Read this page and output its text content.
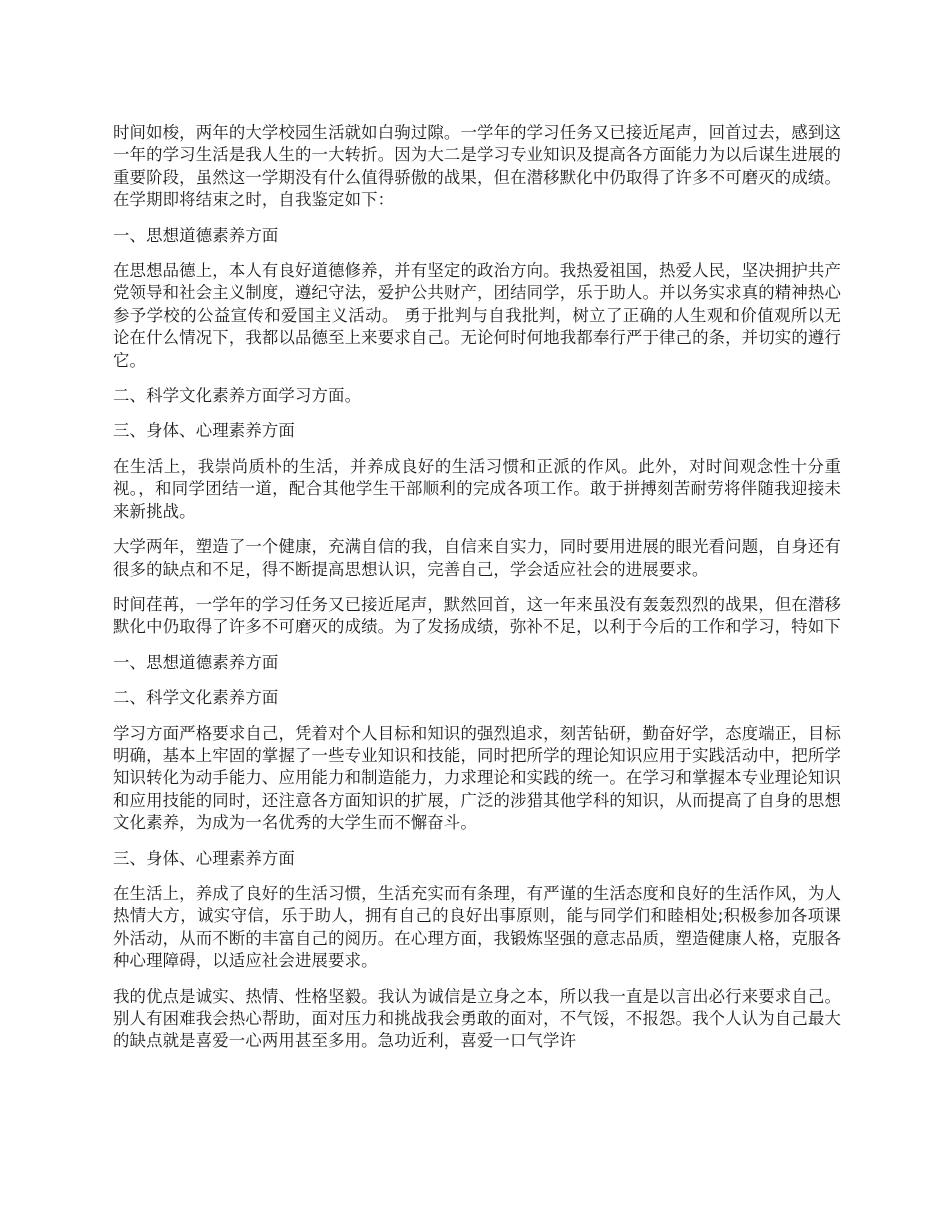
时间如梭，两年的大学校园生活就如白驹过隙。一学年的学习任务又已接近尾声，回首过去，感到这一年的学习生活是我人生的一大转折。因为大二是学习专业知识及提高各方面能力为以后谋生进展的重要阶段，虽然这一学期没有什么值得骄傲的战果，但在潜移默化中仍取得了许多不可磨灭的成绩。在学期即将结束之时，自我鉴定如下：

一、思想道德素养方面

在思想品德上，本人有良好道德修养，并有坚定的政治方向。我热爱祖国，热爱人民，坚决拥护共产党领导和社会主义制度，遵纪守法，爱护公共财产，团结同学，乐于助人。并以务实求真的精神热心参予学校的公益宣传和爱国主义活动。 勇于批判与自我批判，树立了正确的人生观和价值观所以无论在什么情况下，我都以品德至上来要求自己。无论何时何地我都奉行严于律己的条，并切实的遵行它。

二、科学文化素养方面学习方面。

三、身体、心理素养方面

在生活上，我崇尚质朴的生活，并养成良好的生活习惯和正派的作风。此外，对时间观念性十分重视。，和同学团结一道，配合其他学生干部顺利的完成各项工作。敢于拼搏刻苦耐劳将伴随我迎接未来新挑战。

大学两年，塑造了一个健康，充满自信的我，自信来自实力，同时要用进展的眼光看问题，自身还有很多的缺点和不足，得不断提高思想认识，完善自己，学会适应社会的进展要求。

时间荏苒，一学年的学习任务又已接近尾声，默然回首，这一年来虽没有轰轰烈烈的战果，但在潜移默化中仍取得了许多不可磨灭的成绩。为了发扬成绩，弥补不足，以利于今后的工作和学习，特如下

一、思想道德素养方面

二、科学文化素养方面

学习方面严格要求自己，凭着对个人目标和知识的强烈追求，刻苦钻研，勤奋好学，态度端正，目标明确，基本上牢固的掌握了一些专业知识和技能，同时把所学的理论知识应用于实践活动中，把所学知识转化为动手能力、应用能力和制造能力，力求理论和实践的统一。在学习和掌握本专业理论知识和应用技能的同时，还注意各方面知识的扩展，广泛的涉猎其他学科的知识，从而提高了自身的思想文化素养，为成为一名优秀的大学生而不懈奋斗。

三、身体、心理素养方面

在生活上，养成了良好的生活习惯，生活充实而有条理，有严谨的生活态度和良好的生活作风，为人热情大方，诚实守信，乐于助人，拥有自己的良好出事原则，能与同学们和睦相处;积极参加各项课外活动，从而不断的丰富自己的阅历。在心理方面，我锻炼坚强的意志品质，塑造健康人格，克服各种心理障碍，以适应社会进展要求。

我的优点是诚实、热情、性格坚毅。我认为诚信是立身之本，所以我一直是以言出必行来要求自己。别人有困难我会热心帮助，面对压力和挑战我会勇敢的面对，不气馁，不报怨。我个人认为自己最大的缺点就是喜爱一心两用甚至多用。急功近利，喜爱一口气学许
